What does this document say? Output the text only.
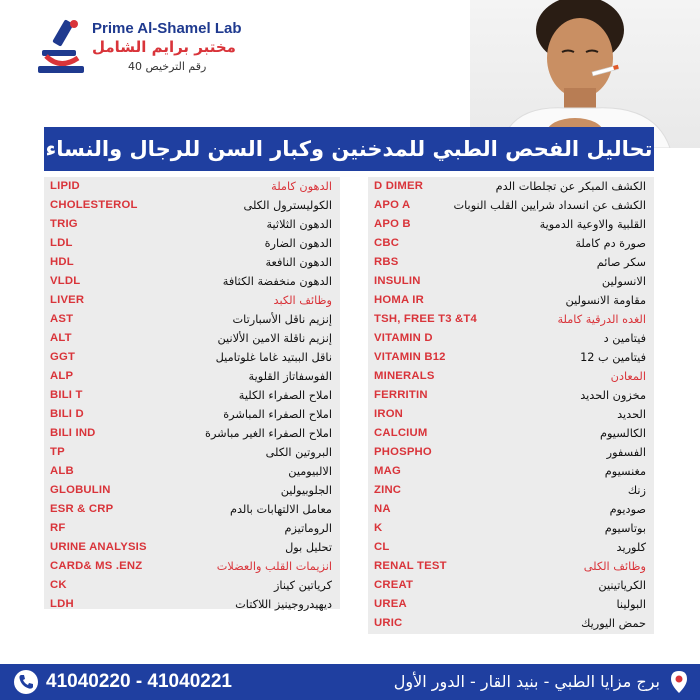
Prime Al-Shamel Lab
مختبر برايم الشامل
رقم الترخيص 40
تحاليل الفحص الطبي للمدخنين وكبار السن للرجال والنساء
LIPID	الدهون كاملة
CHOLESTEROL	الكوليسترول الكلى
TRIG	الدهون الثلاثية
LDL	الدهون الضارة
HDL	الدهون النافعة
VLDL	الدهون منخفضة الكثافة
LIVER	وظائف الكبد
AST	إنزيم ناقل الأسبارتات
ALT	إنزيم ناقلة الامين الألانين
GGT	ناقل الببتيد غاما غلوتاميل
ALP	الفوسفاتاز القلوية
BILI T	املاح الصفراء الكلية
BILI D	املاح الصفراء المباشرة
BILI IND	املاح الصفراء الغير مباشرة
TP	البروتين الكلى
ALB	الالبيومين
GLOBULIN	الجلوبيولين
ESR & CRP	معامل الالتهابات بالدم
RF	الروماتيزم
URINE ANALYSIS	تحليل بول
CARD& MS .ENZ	انزيمات القلب والعضلات
CK	كرياتين كيناز
LDH	ديهيدروجينيز اللاكتات
D DIMER	الكشف المبكر عن تجلطات الدم
APO A	الكشف عن انسداد شرايين القلب النوبات
APO B	القلبية والاوعية الدموية
CBC	صورة دم كاملة
RBS	سكر صائم
INSULIN	الانسولين
HOMA IR	مقاومة الانسولين
TSH, FREE T3 &T4	الغده الدرقية كاملة
VITAMIN D	فيتامين د
VITAMIN B12	فيتامين ب 12
MINERALS	المعادن
FERRITIN	مخزون الحديد
IRON	الحديد
CALCIUM	الكالسيوم
PHOSPHO	الفسفور
MAG	مغنسيوم
ZINC	زنك
NA	صوديوم
K	بوتاسيوم
CL	كلوريد
RENAL TEST	وظائف الكلى
CREAT	الكرياتينين
UREA	البولينا
URIC	حمض اليوريك
41040220 - 41040221	برج مزايا الطبي - بنيد القار - الدور الأول
